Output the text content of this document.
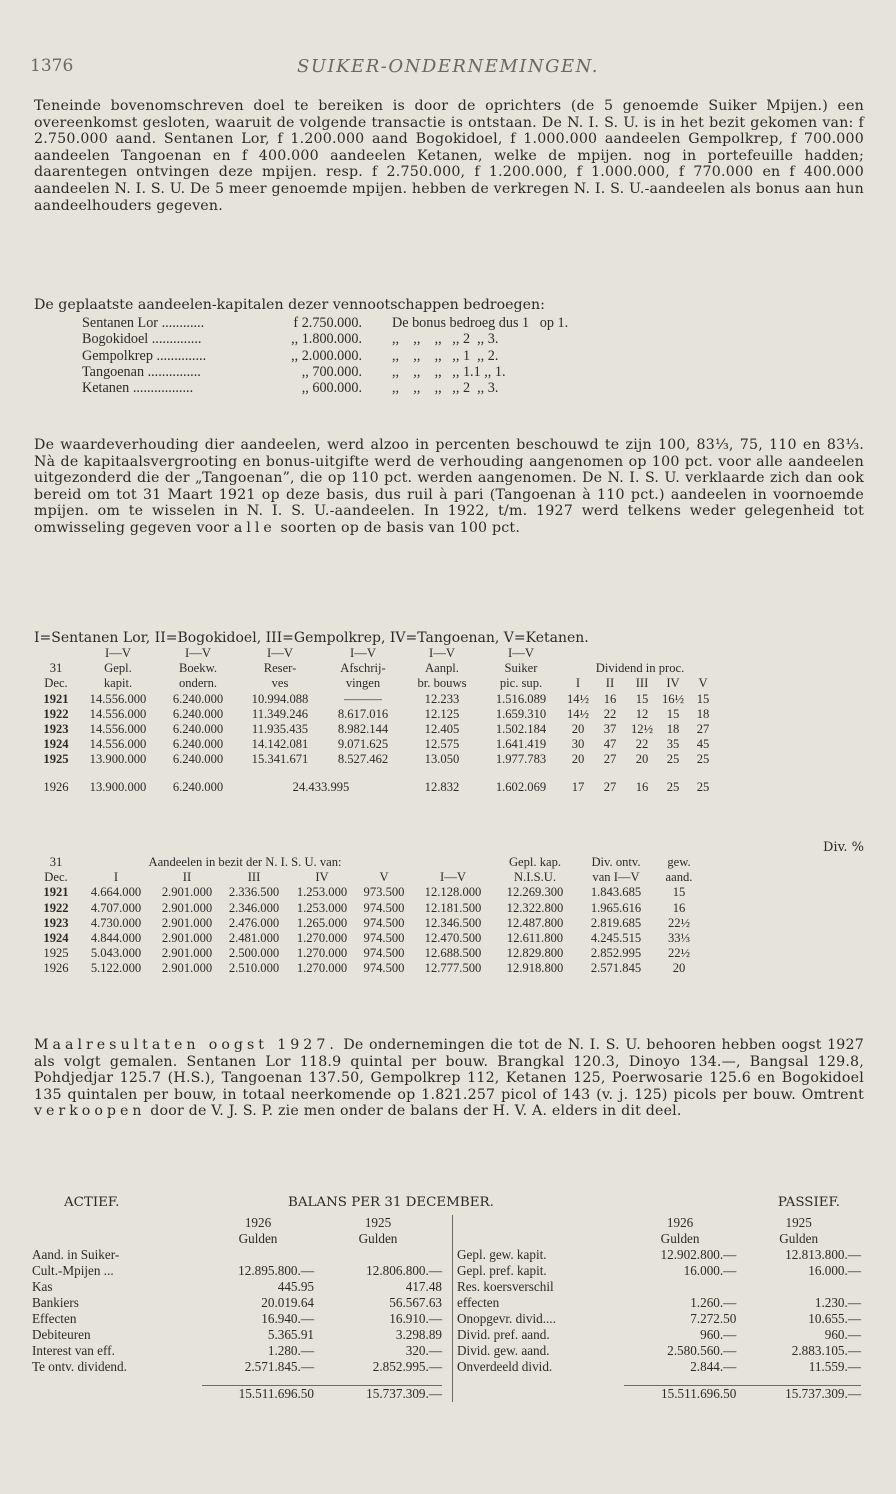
1376	SUIKER-ONDERNEMINGEN.

Teneinde bovenomschreven doel te bereiken is door de oprichters (de 5 genoemde Suiker Mpijen.) een overeenkomst gesloten, waaruit de volgende transactie is ontstaan. De N. I. S. U. is in het bezit gekomen van: f 2.750.000 aand. Sentanen Lor, f 1.200.000 aand Bogokidoel, f 1.000.000 aandeelen Gempolkrep, f 700.000 aandeelen Tangoenan en f 400.000 aandeelen Ketanen, welke de mpijen. nog in portefeuille hadden; daarentegen ontvingen deze mpijen. resp. f 2.750.000, f 1.200.000, f 1.000.000, f 770.000 en f 400.000 aandeelen N. I. S. U. De 5 meer genoemde mpijen. hebben de verkregen N. I. S. U.-aandeelen als bonus aan hun aandeelhouders gegeven.

De geplaatste aandeelen-kapitalen dezer vennootschappen bedroegen:
Sentanen Lor ............	f 2.750.000.	De bonus bedroeg dus 1   op 1.
Bogokidoel ..............	,, 1.800.000.	,,    ,,    ,,   ,, 2  ,, 3.
Gempolkrep ..............	,, 2.000.000.	,,    ,,    ,,   ,, 1  ,, 2.
Tangoenan ...............	,, 700.000.	,,    ,,    ,,   ,, 1.1 ,, 1.
Ketanen .................	,, 600.000.	,,    ,,    ,,   ,, 2  ,, 3.

De waardeverhouding dier aandeelen, werd alzoo in percenten beschouwd te zijn 100, 83⅓, 75, 110 en 83⅓. Nà de kapitaalsvergrooting en bonus-uitgifte werd de verhouding aangenomen op 100 pct. voor alle aandeelen uitgezonderd die der „Tangoenan”, die op 110 pct. werden aangenomen. De N. I. S. U. verklaarde zich dan ook bereid om tot 31 Maart 1921 op deze basis, dus ruil à pari (Tangoenan à 110 pct.) aandeelen in voornoemde mpijen. om te wisselen in N. I. S. U.-aandeelen. In 1922, t/m. 1927 werd telkens weder gelegenheid tot omwisseling gegeven voor alle soorten op de basis van 100 pct.

I=Sentanen Lor, II=Bogokidoel, III=Gempolkrep, IV=Tangoenan, V=Ketanen.
	I—V	I—V	I—V	I—V	I—V	I—V					
31	Gepl.	Boekw.	Reser-	Afschrij-	Aanpl.	Suiker	Dividend in proc.				
Dec.	kapit.	ondern.	ves	vingen	br. bouws	pic. sup.	I	II	III	IV	V
1921	14.556.000	6.240.000	10.994.088	———	12.233	1.516.089	14½	16	15	16½	15
1922	14.556.000	6.240.000	11.349.246	8.617.016	12.125	1.659.310	14½	22	12	15	18
1923	14.556.000	6.240.000	11.935.435	8.982.144	12.405	1.502.184	20	37	12½	18	27
1924	14.556.000	6.240.000	14.142.081	9.071.625	12.575	1.641.419	30	47	22	35	45
1925	13.900.000	6.240.000	15.341.671	8.527.462	13.050	1.977.783	20	27	20	25	25

1926	13.900.000	6.240.000	24.433.995		12.832	1.602.069	17	27	16	25	25
Div. %
31	Aandeelen in bezit der N. I. S. U. van:						Gepl. kap.	Div. ontv.	gew.
Dec.	I	II	III	IV	V	I—V	N.I.S.U.	van I—V	aand.
1921	4.664.000	2.901.000	2.336.500	1.253.000	973.500	12.128.000	12.269.300	1.843.685	15
1922	4.707.000	2.901.000	2.346.000	1.253.000	974.500	12.181.500	12.322.800	1.965.616	16
1923	4.730.000	2.901.000	2.476.000	1.265.000	974.500	12.346.500	12.487.800	2.819.685	22½
1924	4.844.000	2.901.000	2.481.000	1.270.000	974.500	12.470.500	12.611.800	4.245.515	33⅓
1925	5.043.000	2.901.000	2.500.000	1.270.000	974.500	12.688.500	12.829.800	2.852.995	22½
1926	5.122.000	2.901.000	2.510.000	1.270.000	974.500	12.777.500	12.918.800	2.571.845	20

Maalresultaten oogst 1927. De ondernemingen die tot de N. I. S. U. behooren hebben oogst 1927 als volgt gemalen. Sentanen Lor 118.9 quintal per bouw. Brangkal 120.3, Dinoyo 134.—, Bangsal 129.8, Pohdjedjar 125.7 (H.S.), Tangoenan 137.50, Gempolkrep 112, Ketanen 125, Poerwosarie 125.6 en Bogokidoel 135 quintalen per bouw, in totaal neerkomende op 1.821.257 picol of 143 (v. j. 125) picols per bouw. Omtrent verkoopen door de V. J. S. P. zie men onder de balans der H. V. A. elders in dit deel.

ACTIEF.	BALANS PER 31 DECEMBER.	PASSIEF.
	1926	1925
	Gulden	Gulden
Aand. in Suiker-		
Cult.-Mpijen ...	12.895.800.—	12.806.800.—
Kas	445.95	417.48
Bankiers	20.019.64	56.567.63
Effecten	16.940.—	16.910.—
Debiteuren	5.365.91	3.298.89
Interest van eff.	1.280.—	320.—
Te ontv. dividend.	2.571.845.—	2.852.995.—

	15.511.696.50	15.737.309.—
	1926	1925
	Gulden	Gulden
Gepl. gew. kapit.	12.902.800.—	12.813.800.—
Gepl. pref. kapit.	16.000.—	16.000.—
Res. koersverschil		
effecten	1.260.—	1.230.—
Onopgevr. divid....	7.272.50	10.655.—
Divid. pref. aand.	960.—	960.—
Divid. gew. aand.	2.580.560.—	2.883.105.—
Onverdeeld divid.	2.844.—	11.559.—

	15.511.696.50	15.737.309.—
